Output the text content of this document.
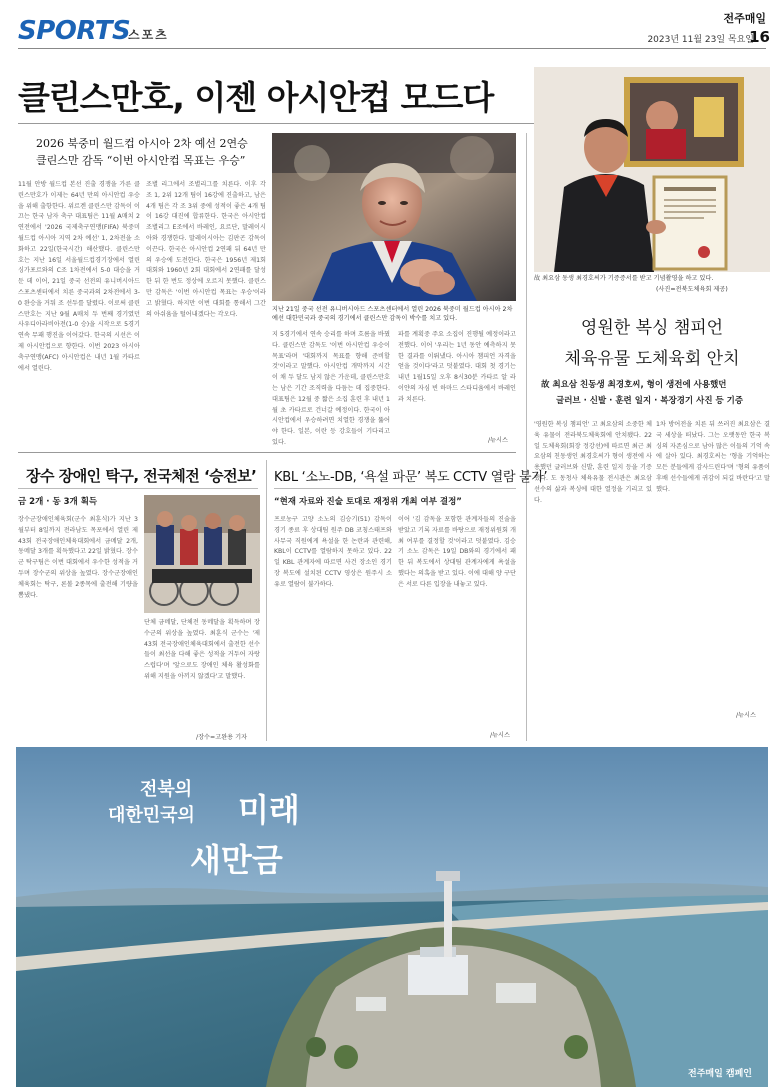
SPORTS
스포츠
전주매일
2023년 11월 23일 목요일
16
클린스만호, 이젠 아시안컵 모드다
2026 북중미 월드컵 아시아 2차 예선 2연승
클린스만 감독 “이번 아시안컵 목표는 우승”
11월 안방 월드컵 본선 진출 경쟁을 가른 클린스만호가 이제는 64년 만의 아시안컵 우승을 위해 출항한다. 위르겐 클린스만 감독이 이끄는 한국 남자 축구 대표팀은 11월 A매치 2연전에서 '2026 국제축구연맹(FIFA) 북중미 월드컵 아시아 지역 2차 예선' 1, 2차전을 소화하고 22일(한국시간) 해산했다. 클린스만호는 지난 16일 서울월드컵경기장에서 열린 싱가포르와의 C조 1차전에서 5-0 대승을 거둔 데 이어, 21일 중국 선전의 유니버시아드 스포츠센터에서 치른 중국과의 2차전에서 3-0 완승을 거둬 조 선두를 달렸다. 이로써 클린스만호는 지난 9월 A매치 두 번째 경기였던 사우디아라비아전(1-0 승)을 시작으로 5경기 연속 무패 행진을 이어갔다. 한국의 시선은 이제 아시안컵으로 향한다. 이번 2023 아시아축구연맹(AFC) 아시안컵은 내년 1월 카타르에서 열린다.
조별 리그에서 조별리그를 치른다. 이후 각 조 1, 2위 12개 팀이 16강에 진출하고, 남은 4개 팀은 각 조 3위 중에 성적이 좋은 4개 팀이 16강 대진에 합류한다. 한국은 아시안컵 조별리그 E조에서 바레인, 요르단, 말레이시아와 경쟁한다. 말레이시아는 김판곤 감독이 이끈다. 한국은 아시안컵 2연패 뒤 64년 만의 우승에 도전한다. 한국은 1956년 제1회 대회와 1960년 2회 대회에서 2연패를 달성한 뒤 한 번도 정상에 오르지 못했다. 클린스만 감독은 '이번 아시안컵 목표는 우승'이라고 밝혔다. 하지만 이번 대회를 통해서 그간의 아쉬움을 털어내겠다는 각오다.
지난 21일 중국 선전 유니버시아드 스포츠센터에서 열린 2026 북중미 월드컵 아시아 2차 예선 대한민국과 중국의 경기에서 클린스만 감독이 박수를 치고 있다.
지 5경기에서 연속 승리를 하며 흐름을 바꿨다. 클린스만 감독도 '이번 아시안컵 우승이 목표'라며 '대회까지 목표를 향해 준비할 것'이라고 말했다. 아시안컵 개막까지 시간이 채 두 달도 남지 않은 가운데, 클린스만호는 남은 기간 조직력을 다듬는 데 집중한다. 대표팀은 12월 중 짧은 소집 훈련 후 내년 1월 초 카타르로 건너갈 예정이다. 한국이 아시안컵에서 우승하려면 치열한 경쟁을 뚫어야 한다. 일본, 이란 등 강호들이 기다리고 있다.
파를 계획중 주요 소집이 진행될 예정이라고 전했다. 이어 '우리는 1년 동안 예측하지 못한 결과를 이뤄냈다. 아시아 챔피언 자격을 얻을 것이다'라고 덧붙였다. 대회 첫 경기는 내년 1월15일 오후 8시30분 카타르 알 라이얀의 자심 빈 하마드 스타디움에서 바레인과 치른다.
/뉴시스
故 최요삼 동생 최경호씨가 기증증서를 받고 기념촬영을 하고 있다.
(사진=전북도체육회 제공)
영원한 복싱 챔피언
체육유물 도체육회 안치
故 최요삼 친동생 최경호씨, 형이 생전에 사용했던
글러브 · 신발 · 훈련 일지 · 복장경기 사진 등 기증
'영원한 복싱 챔피언' 고 최요삼의 소중한 체육 유물이 전라북도체육회에 안치됐다. 22일 도체육회(회장 정강선)에 따르면 최근 최요삼의 친동생인 최경호씨가 형이 생전에 사용했던 글러브와 신발, 훈련 일지 등을 기증했다. 도 동청사 체육유물 전시관은 최요삼 선수의 삶과 복싱에 대한 열정을 기리고 있다.
1차 방어전을 치른 뒤 쓰러진 최요삼은 결국 세상을 떠났다. 그는 오랫동안 한국 복싱의 자존심으로 남아 많은 이들의 기억 속에 살아 있다. 최경호씨는 '형을 기억하는 모든 분들에게 감사드린다'며 '형의 유품이 후배 선수들에게 귀감이 되길 바란다'고 말했다.
/뉴시스
장수 장애인 탁구, 전국체전 ‘승전보’
금 2개 · 동 3개 획득
장수군장애인체육회(군수 최훈식)가 지난 3월부터 8일까지 전라남도 목포에서 열린 제43회 전국장애인체육대회에서 금메달 2개, 동메달 3개를 획득했다고 22일 밝혔다. 장수군 탁구팀은 이번 대회에서 우수한 성적을 거두며 장수군의 위상을 높였다. 장수군장애인체육회는 탁구, 론볼 2종목에 출전해 기량을 뽐냈다.
단체 금메달, 단체전 동메달을 획득하며 장수군의 위상을 높였다. 최훈식 군수는 '제43회 전국장애인체육대회에서 출전한 선수들이 최선을 다해 좋은 성적을 거두어 자랑스럽다'며 '앞으로도 장애인 체육 활성화를 위해 지원을 아끼지 않겠다'고 말했다.
/장수=고완용 기자
KBL ‘소노-DB, ‘욕설 파문’ 복도 CCTV 열람 불가’
“현재 자료와 진술 토대로 재정위 개최 여부 결정”
프로농구 고양 소노의 김승기(51) 감독이 경기 종료 후 상대팀 원주 DB 코칭스태프와 사무국 직원에게 욕설을 한 논란과 관련해, KBL이 CCTV를 열람하지 못하고 있다. 22일 KBL 관계자에 따르면 사건 장소인 경기장 복도에 설치된 CCTV 영상은 원주시 소유로 열람이 불가하다.
이어 '김 감독을 포함한 관계자들의 진술을 받았고 기록 자료를 바탕으로 재정위원회 개최 여부를 결정할 것'이라고 덧붙였다. 김승기 소노 감독은 19일 DB와의 경기에서 패한 뒤 복도에서 상대팀 관계자에게 욕설을 했다는 의혹을 받고 있다. 이에 대해 양 구단은 서로 다른 입장을 내놓고 있다.
/뉴시스
전북의
대한민국의 미래
새만금
전주매일 캠페인
